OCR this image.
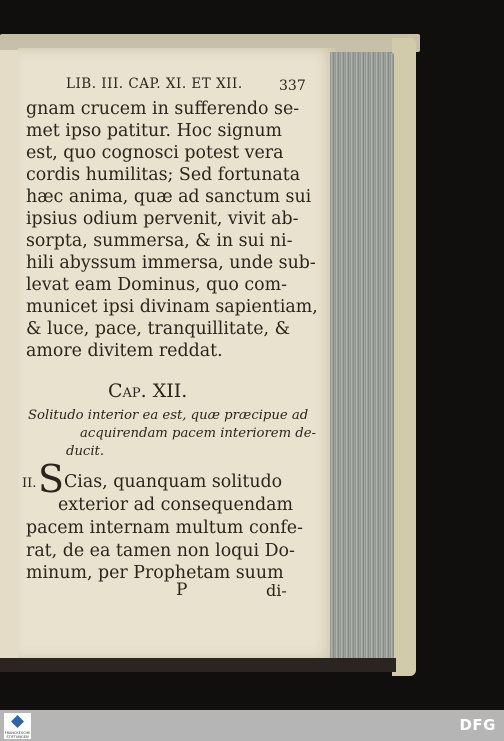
LIB. III. CAP. XI. ET XII.	337
gnam crucem in sufferendo se-
met ipso patitur. Hoc signum
est, quo cognosci potest vera
cordis humilitas; Sed fortunata
hæc anima, quæ ad sanctum sui
ipsius odium pervenit, vivit ab-
sorpta, summersa, & in sui ni-
hili abyssum immersa, unde sub-
levat eam Dominus, quo com-
municet ipsi divinam sapientiam,
& luce, pace, tranquillitate, &
amore divitem reddat.
Cap. XII.
Solitudo interior ea est, quæ præcipue ad
acquirendam pacem interiorem de-
ducit.
II. S Cias, quanquam solitudo
exterior ad consequendam
pacem internam multum confe-
rat, de ea tamen non loqui Do-
minum, per Prophetam suum
P	di-
FRANCKESCHE STIFTUNGEN
DFG
